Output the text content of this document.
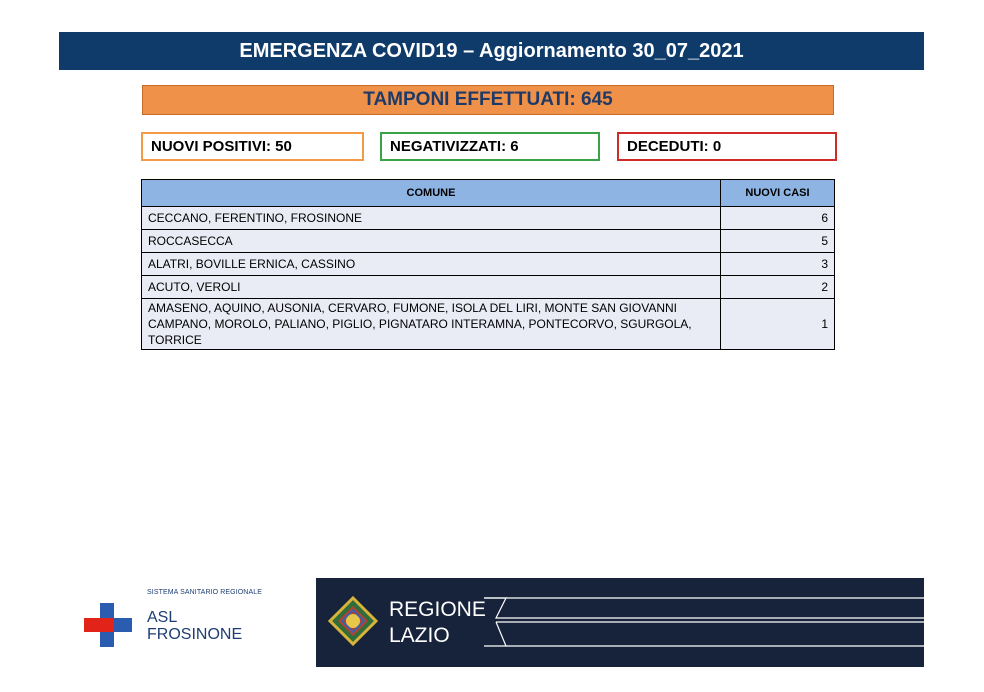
EMERGENZA COVID19 – Aggiornamento 30_07_2021
TAMPONI EFFETTUATI: 645
NUOVI POSITIVI: 50	NEGATIVIZZATI: 6	DECEDUTI: 0
COMUNE	NUOVI CASI
CECCANO, FERENTINO, FROSINONE	6
ROCCASECCA	5
ALATRI, BOVILLE ERNICA, CASSINO	3
ACUTO, VEROLI	2
AMASENO, AQUINO, AUSONIA, CERVARO, FUMONE, ISOLA DEL LIRI, MONTE SAN GIOVANNI CAMPANO, MOROLO, PALIANO, PIGLIO, PIGNATARO INTERAMNA, PONTECORVO, SGURGOLA, TORRICE	1
SISTEMA SANITARIO REGIONALE
ASL
FROSINONE
REGIONE
LAZIO
